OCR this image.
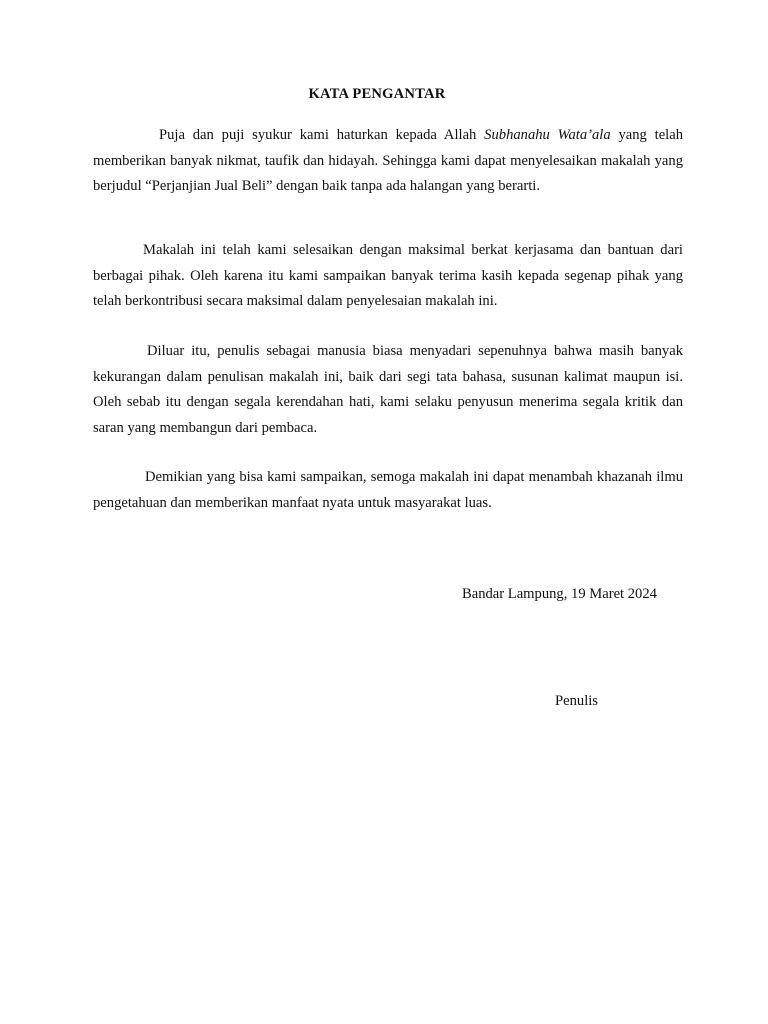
KATA PENGANTAR

Puja dan puji syukur kami haturkan kepada Allah Subhanahu Wata’ala yang telah memberikan banyak nikmat, taufik dan hidayah. Sehingga kami dapat menyelesaikan makalah yang berjudul “Perjanjian Jual Beli” dengan baik tanpa ada halangan yang berarti.

Makalah ini telah kami selesaikan dengan maksimal berkat kerjasama dan bantuan dari berbagai pihak. Oleh karena itu kami sampaikan banyak terima kasih kepada segenap pihak yang telah berkontribusi secara maksimal dalam penyelesaian makalah ini.

Diluar itu, penulis sebagai manusia biasa menyadari sepenuhnya bahwa masih banyak kekurangan dalam penulisan makalah ini, baik dari segi tata bahasa, susunan kalimat maupun isi. Oleh sebab itu dengan segala kerendahan hati, kami selaku penyusun menerima segala kritik dan saran yang membangun dari pembaca.

Demikian yang bisa kami sampaikan, semoga makalah ini dapat menambah khazanah ilmu pengetahuan dan memberikan manfaat nyata untuk masyarakat luas.

Bandar Lampung, 19 Maret 2024
Penulis
